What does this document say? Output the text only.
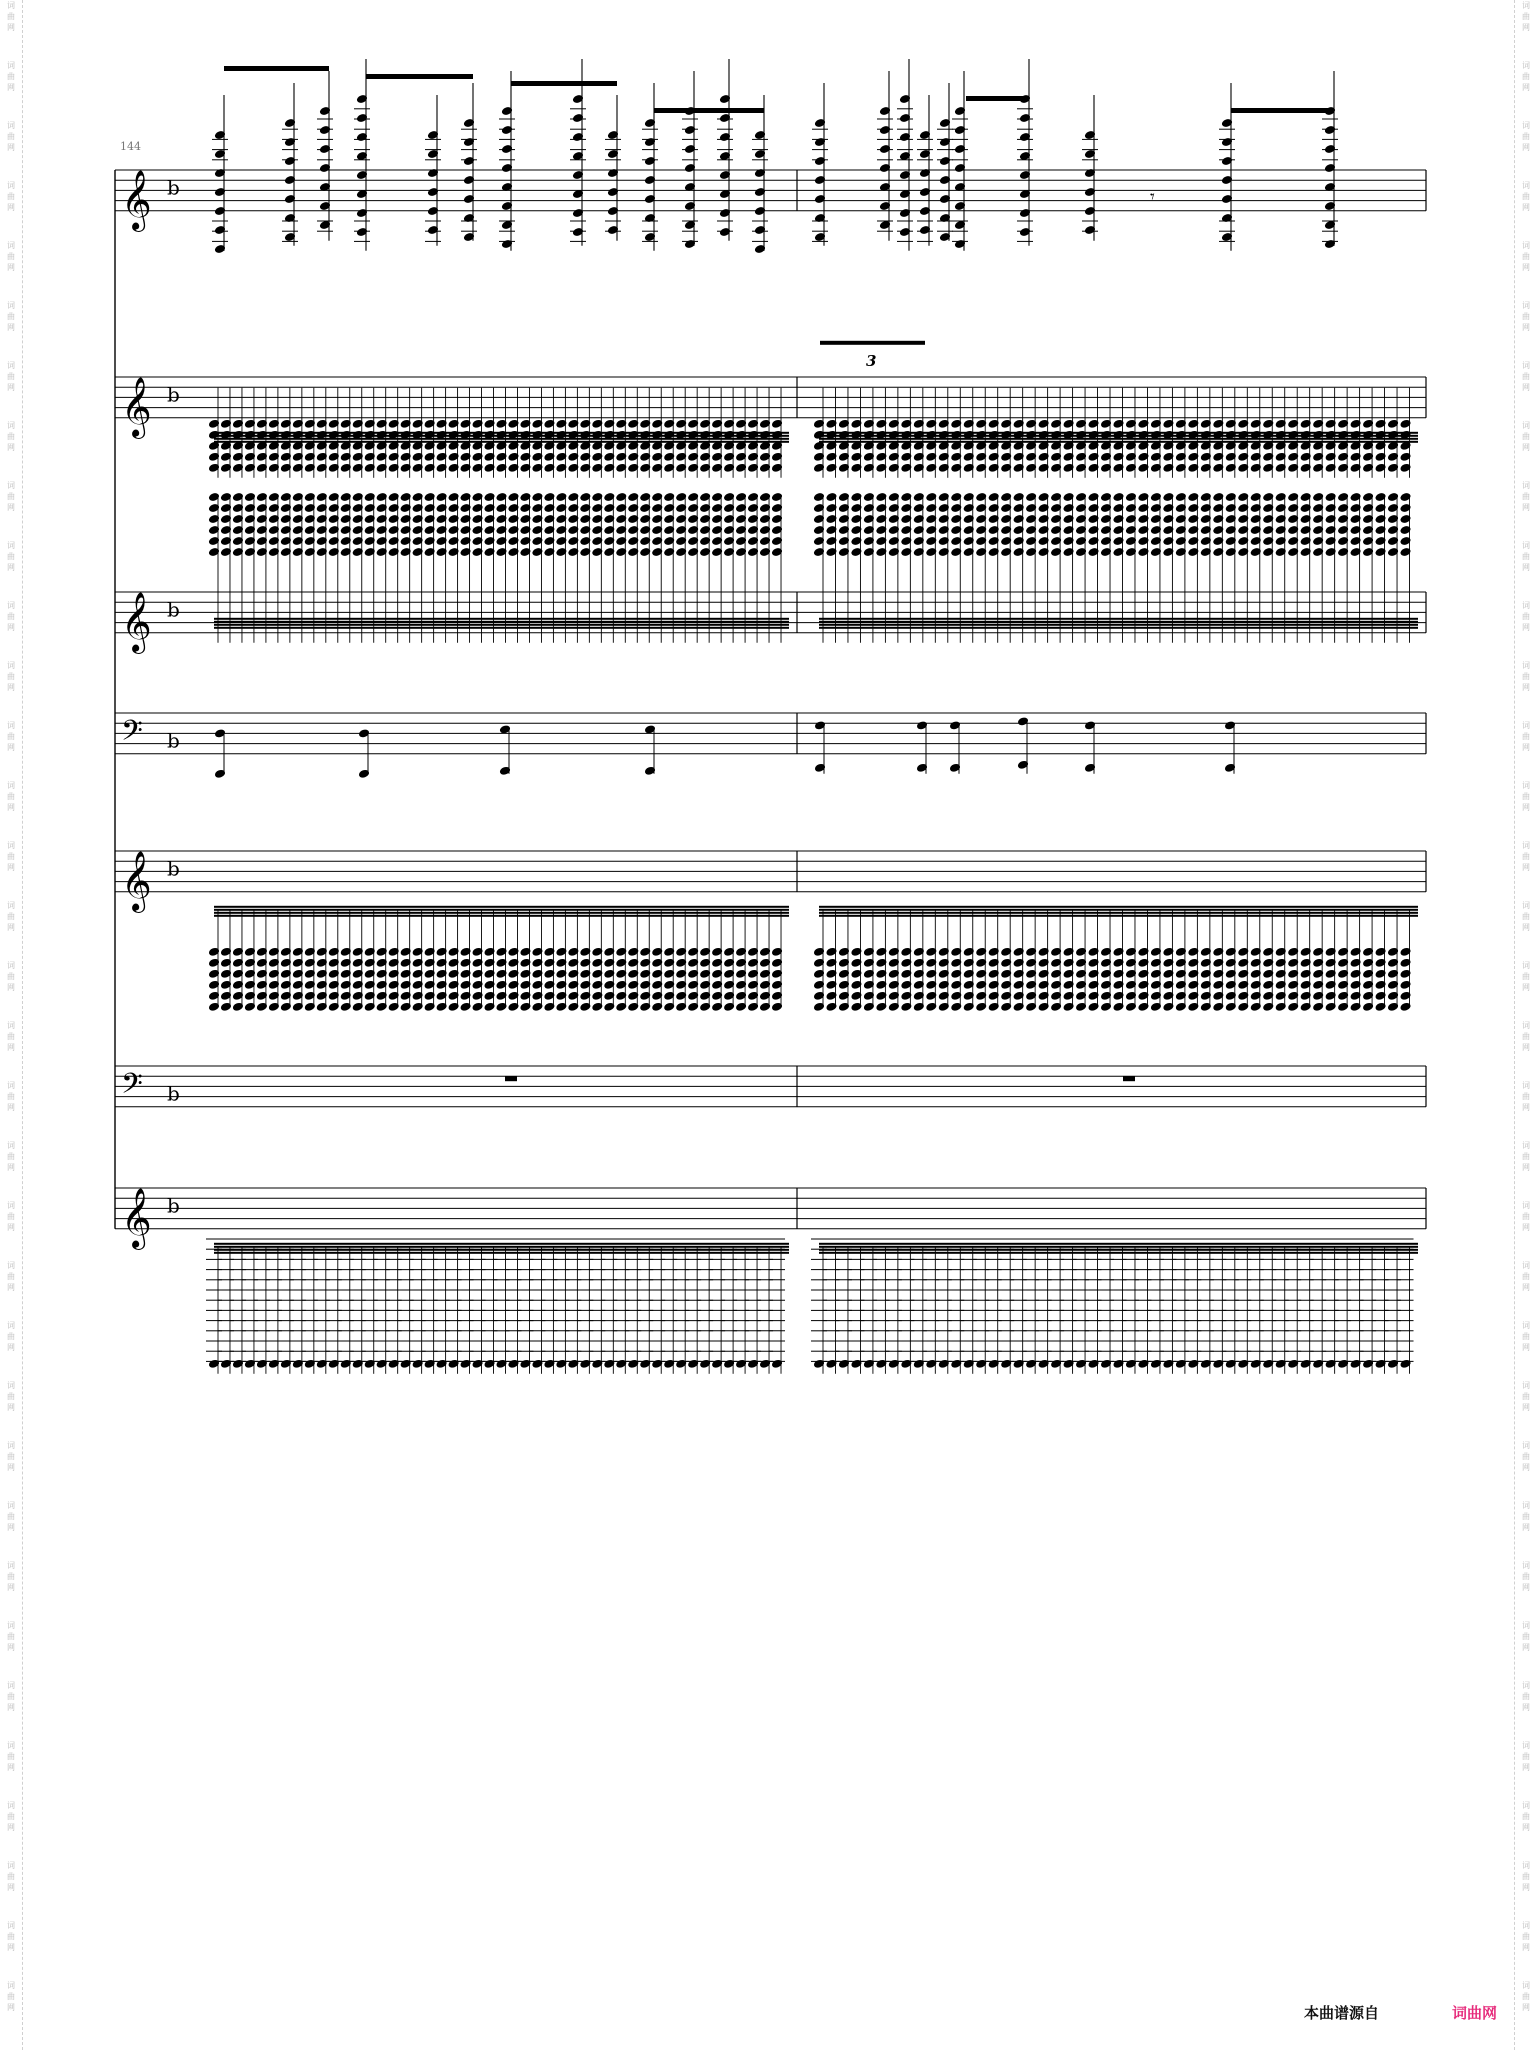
词
曲
网
词
曲
网
词
曲
网
词
曲
网
词
曲
网
词
曲
网
词
曲
网
词
曲
网
词
曲
网
词
曲
网
词
曲
网
词
曲
网
词
曲
网
词
曲
网
词
曲
网
词
曲
网
词
曲
网
词
曲
网
词
曲
网
词
曲
网
词
曲
网
词
曲
网
词
曲
网
词
曲
网
词
曲
网
词
曲
网
词
曲
网
词
曲
网
词
曲
网
词
曲
网
词
曲
网
词
曲
网
词
曲
网
词
曲
网
词
曲
网
词
曲
网
词
曲
网
词
曲
网
词
曲
网
词
曲
网
词
曲
网
词
曲
网
词
曲
网
词
曲
网
词
曲
网
词
曲
网
词
曲
网
词
曲
网
词
曲
网
词
曲
网
词
曲
网
词
曲
网
词
曲
网
词
曲
网
词
曲
网
词
曲
网
词
曲
网
词
曲
网
词
曲
网
词
曲
网
词
曲
网
词
曲
网
词
曲
网
词
曲
网
词
曲
网
词
曲
网
词
曲
网
词
曲
网
144
𝄞 b
3
𝄾
𝄞 b
𝄞 b
𝄢 b
𝄞 b
𝄢 b
𝄞 b
本曲谱源自	词曲网
